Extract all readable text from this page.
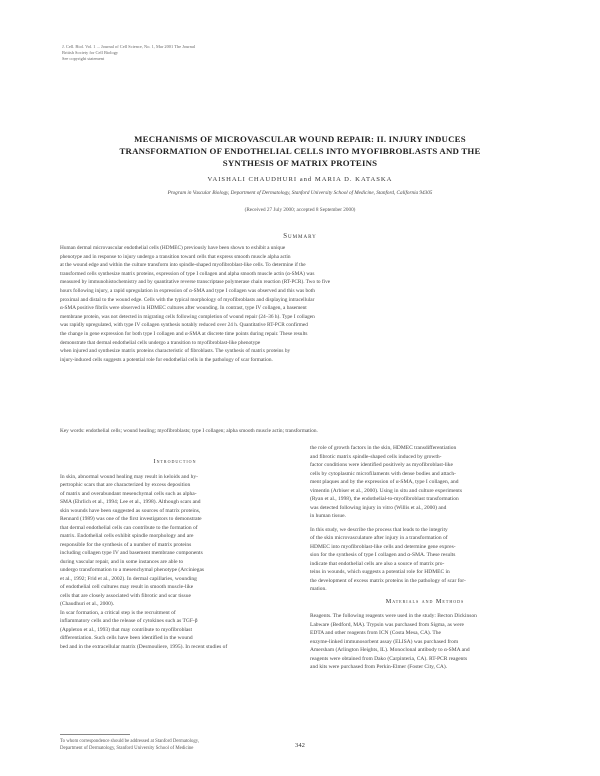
J. Cell. Biol. Vol. 1 ... Journal of Cell Science, No. 1, Mar 2001 The Journal
British Society for Cell Biology
See copyright statement
MECHANISMS OF MICROVASCULAR WOUND REPAIR: II. INJURY INDUCES
TRANSFORMATION OF ENDOTHELIAL CELLS INTO MYOFIBROBLASTS AND THE
SYNTHESIS OF MATRIX PROTEINS
VAISHALI CHAUDHURI and MARIA D. KATASKA
Program in Vascular Biology, Department of Dermatology, Stanford University School of Medicine, Stanford, California 94305
(Received 27 July 2000; accepted 8 September 2000)
Summary
Human dermal microvascular endothelial cells (HDMEC) previously have been shown to exhibit a unique
phenotype and in response to injury undergo a transition toward cells that express smooth muscle alpha actin
at the wound edge and within the culture transform into spindle-shaped myofibroblast-like cells. To determine if the
transformed cells synthesize matrix proteins, expression of type I collagen and alpha smooth muscle actin (α-SMA) was
measured by immunohistochemistry and by quantitative reverse transcriptase polymerase chain reaction (RT-PCR). Two to five
hours following injury, a rapid upregulation in expression of α-SMA and type I collagen was observed and this was both
proximal and distal to the wound edge. Cells with the typical morphology of myofibroblasts and displaying intracellular
α-SMA positive fibrils were observed in HDMEC cultures after wounding. In contrast, type IV collagen, a basement
membrane protein, was not detected in migrating cells following completion of wound repair (24–36 h). Type I collagen
was rapidly upregulated, with type IV collagen synthesis notably reduced over 24 h. Quantitative RT-PCR confirmed
the change in gene expression for both type I collagen and α-SMA at discrete time points during repair. These results
demonstrate that dermal endothelial cells undergo a transition to myofibroblast-like phenotype
when injured and synthesize matrix proteins characteristic of fibroblasts. The synthesis of matrix proteins by
injury-induced cells suggests a potential role for endothelial cells in the pathology of scar formation.
Key words: endothelial cells; wound healing; myofibroblasts; type I collagen; alpha smooth muscle actin; transformation.
Introduction
In skin, abnormal wound healing may result in keloids and hy-
pertrophic scars that are characterized by excess deposition
of matrix and overabundant mesenchymal cells such as alpha-
SMA (Ehrlich et al., 1994; Lee et al., 1998). Although scars and
skin wounds have been suggested as sources of matrix proteins,
Rennard (1989) was one of the first investigators to demonstrate
that dermal endothelial cells can contribute to the formation of
matrix. Endothelial cells exhibit spindle morphology and are
responsible for the synthesis of a number of matrix proteins
including collagen type IV and basement membrane components
during vascular repair, and in some instances are able to
undergo transformation to a mesenchymal phenotype (Arciniegas
et al., 1992; Frid et al., 2002). In dermal capillaries, wounding
of endothelial cell cultures may result in smooth muscle-like
cells that are closely associated with fibrotic and scar tissue
(Chaudhuri et al., 2000).
In scar formation, a critical step is the recruitment of
inflammatory cells and the release of cytokines such as TGF-β
(Appleton et al., 1993) that may contribute to myofibroblast
differentiation. Such cells have been identified in the wound
bed and in the extracellular matrix (Desmouliere, 1995). In recent studies of
the role of growth factors in the skin, HDMEC transdifferentiation
and fibrotic matrix spindle-shaped cells induced by growth-
factor conditions were identified positively as myofibroblast-like
cells by cytoplasmic microfilaments with dense bodies and attach-
ment plaques and by the expression of α-SMA, type I collagen, and
vimentin (Arbiser et al., 2000). Using in situ and culture experiments
(Ryan et al., 1998), the endothelial-to-myofibroblast transformation
was detected following injury in vitro (Willis et al., 2000) and
in human tissue.
In this study, we describe the process that leads to the integrity
of the skin microvasculature after injury in a transformation of
HDMEC into myofibroblast-like cells and determine gene expres-
sion for the synthesis of type I collagen and α-SMA. These results
indicate that endothelial cells are also a source of matrix pro-
teins in wounds, which suggests a potential role for HDMEC in
the development of excess matrix proteins in the pathology of scar for-
mation.
Materials and Methods
Reagents. The following reagents were used in the study: Becton Dickinson
Labware (Bedford, MA). Trypsin was purchased from Sigma, as were
EDTA and other reagents from ICN (Costa Mesa, CA). The
enzyme-linked immunosorbent assay (ELISA) was purchased from
Amersham (Arlington Heights, IL). Monoclonal antibody to α-SMA and
reagents were obtained from Dako (Carpinteria, CA). RT-PCR reagents
and kits were purchased from Perkin-Elmer (Foster City, CA).
To whom correspondence should be addressed at Stanford Dermatology,
Department of Dermatology, Stanford University School of Medicine	342
